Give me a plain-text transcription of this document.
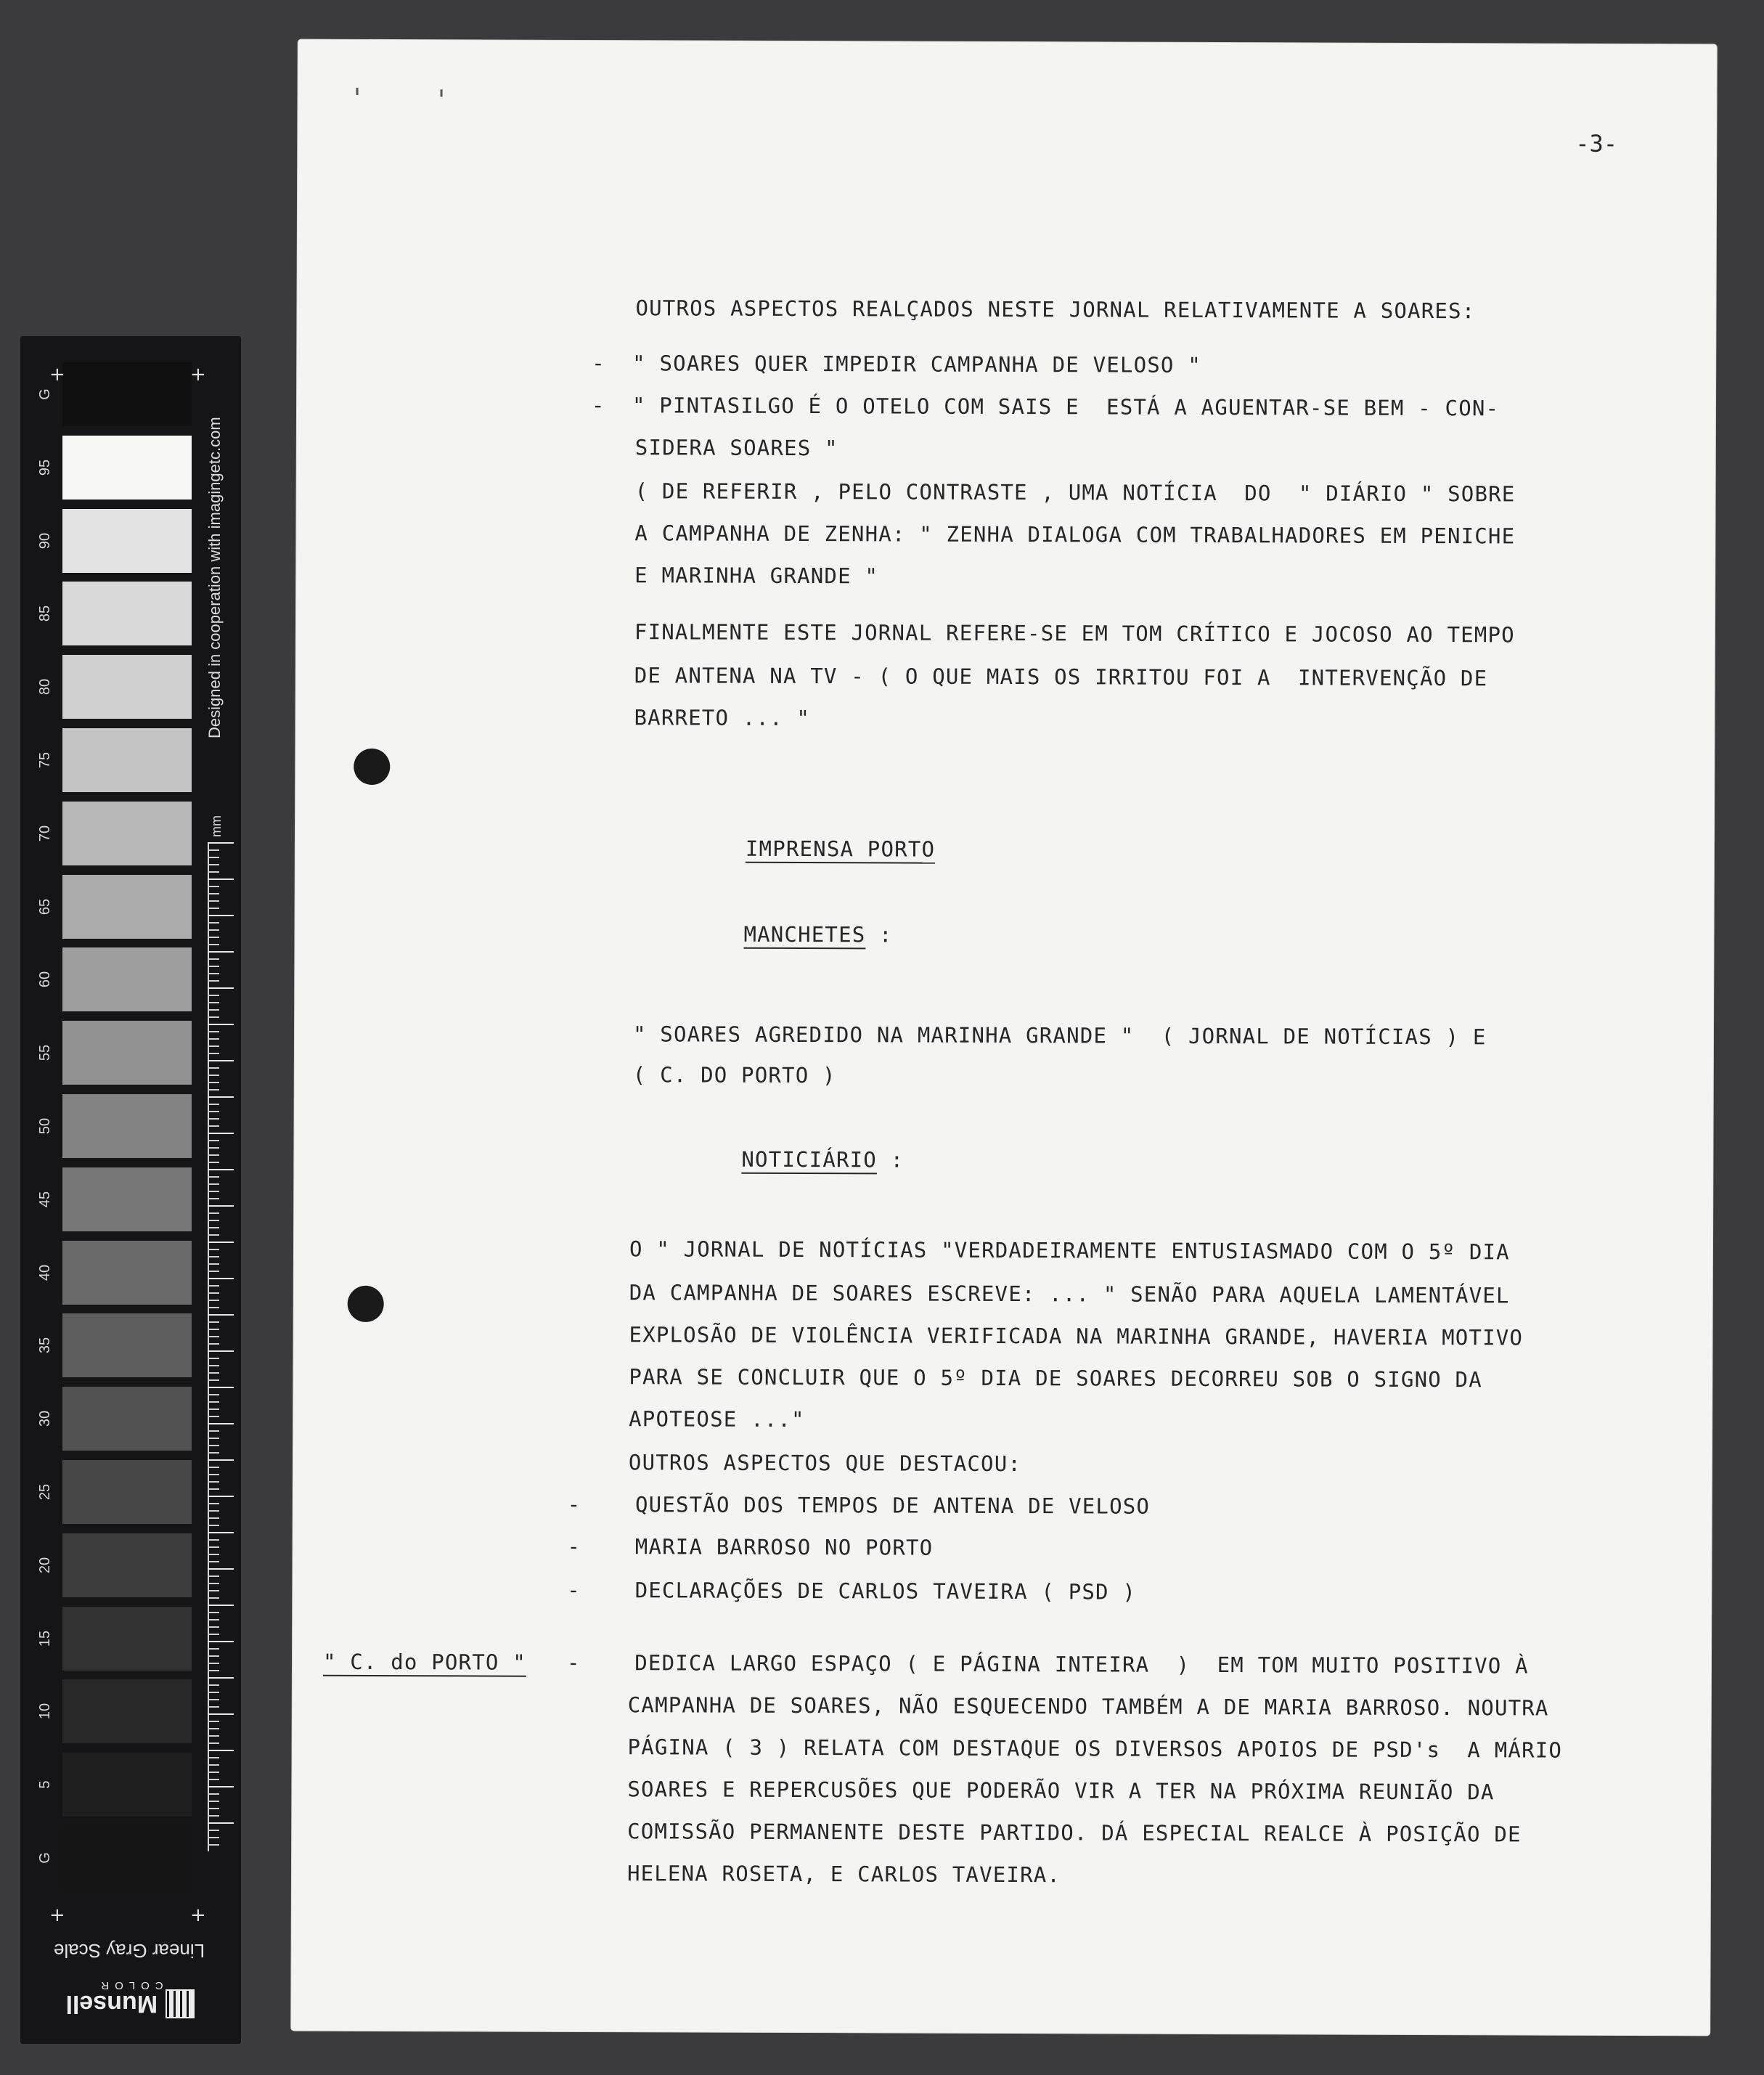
G
95
90
85
80
75
70
65
60
55
50
45
40
35
30
25
20
15
10
5
G
+	+
+	+
Designed in cooperation with imagingetc.com
mm
Linear Gray Scale
Munsell
COLOR
-3-
OUTROS ASPECTOS REALÇADOS NESTE JORNAL RELATIVAMENTE A SOARES:
-  " SOARES QUER IMPEDIR CAMPANHA DE VELOSO "
-  " PINTASILGO É O OTELO COM SAIS E  ESTÁ A AGUENTAR-SE BEM - CON-
SIDERA SOARES "
( DE REFERIR , PELO CONTRASTE , UMA NOTÍCIA  DO  " DIÁRIO " SOBRE
A CAMPANHA DE ZENHA: " ZENHA DIALOGA COM TRABALHADORES EM PENICHE
E MARINHA GRANDE "
FINALMENTE ESTE JORNAL REFERE-SE EM TOM CRÍTICO E JOCOSO AO TEMPO
DE ANTENA NA TV - ( O QUE MAIS OS IRRITOU FOI A  INTERVENÇÃO DE
BARRETO ... "
IMPRENSA PORTO
MANCHETES :
" SOARES AGREDIDO NA MARINHA GRANDE "  ( JORNAL DE NOTÍCIAS ) E
( C. DO PORTO )
NOTICIÁRIO :
O " JORNAL DE NOTÍCIAS "VERDADEIRAMENTE ENTUSIASMADO COM O 5º DIA
DA CAMPANHA DE SOARES ESCREVE: ... " SENÃO PARA AQUELA LAMENTÁVEL
EXPLOSÃO DE VIOLÊNCIA VERIFICADA NA MARINHA GRANDE, HAVERIA MOTIVO
PARA SE CONCLUIR QUE O 5º DIA DE SOARES DECORREU SOB O SIGNO DA
APOTEOSE ..."
OUTROS ASPECTOS QUE DESTACOU:
-    QUESTÃO DOS TEMPOS DE ANTENA DE VELOSO
-    MARIA BARROSO NO PORTO
-    DECLARAÇÕES DE CARLOS TAVEIRA ( PSD )
" C. do PORTO " -    DEDICA LARGO ESPAÇO ( E PÁGINA INTEIRA  )  EM TOM MUITO POSITIVO À
CAMPANHA DE SOARES, NÃO ESQUECENDO TAMBÉM A DE MARIA BARROSO. NOUTRA
PÁGINA ( 3 ) RELATA COM DESTAQUE OS DIVERSOS APOIOS DE PSD's  A MÁRIO
SOARES E REPERCUSÕES QUE PODERÃO VIR A TER NA PRÓXIMA REUNIÃO DA
COMISSÃO PERMANENTE DESTE PARTIDO. DÁ ESPECIAL REALCE À POSIÇÃO DE
HELENA ROSETA, E CARLOS TAVEIRA.
